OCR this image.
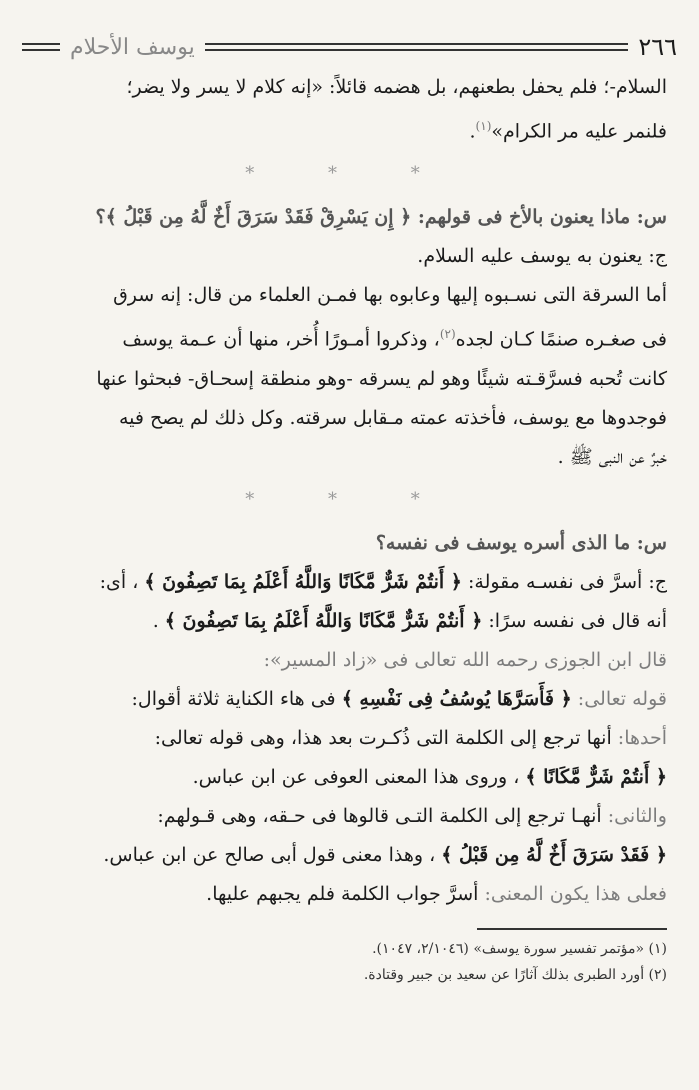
٢٦٦
يوسف الأحلام

السلام-؛ فلم يحفل بطعنهم، بل هضمه قائلاً: «إنه كلام لا يسر ولا يضر؛

فلنمر عليه مر الكرام»$^{(١)}$.

* * *

س: ماذا يعنون بالأخ فى قولهم: ﴿ إِن يَسْرِقْ فَقَدْ سَرَقَ أَخٌ لَّهُ مِن قَبْلُ ﴾؟

ج: يعنون به يوسف عليه السلام.

أما السرقة التى نسـبوه إليها وعابوه بها فمـن العلماء من قال: إنه سرق

فى صغـره صنمًا كـان لجده$^{(٢)}$، وذكروا أمـورًا أُخر، منها أن عـمة يوسف

كانت تُحبه فسرَّقـته شيئًا وهو لم يسرقه -وهو منطقة إسحـاق- فبحثوا عنها

فوجدوها مع يوسف، فأخذته عمته مـقابل سرقته. وكل ذلك لم يصح فيه

خبرٌ عن النبى ﷺ .

* * *

س: ما الذى أسره يوسف فى نفسه؟

ج: أسرَّ فى نفسـه مقولة: ﴿ أَنتُمْ شَرٌّ مَّكَانًا وَاللَّهُ أَعْلَمُ بِمَا تَصِفُونَ ﴾ ، أى:

أنه قال فى نفسه سرًا: ﴿ أَنتُمْ شَرٌّ مَّكَانًا وَاللَّهُ أَعْلَمُ بِمَا تَصِفُونَ ﴾ .

قال ابن الجوزى رحمه الله تعالى فى «زاد المسير»:

قوله تعالى: ﴿ فَأَسَرَّهَا يُوسُفُ فِى نَفْسِهِ ﴾ فى هاء الكناية ثلاثة أقوال:

أحدها: أنها ترجع إلى الكلمة التى ذُكـرت بعد هذا، وهى قوله تعالى:

﴿ أَنتُمْ شَرٌّ مَّكَانًا ﴾ ، وروى هذا المعنى العوفى عن ابن عباس.

والثانى: أنهـا ترجع إلى الكلمة التـى قالوها فى حـقه، وهى قـولهم:

﴿ فَقَدْ سَرَقَ أَخٌ لَّهُ مِن قَبْلُ ﴾ ، وهذا معنى قول أبى صالح عن ابن عباس.

فعلى هذا يكون المعنى: أسرَّ جواب الكلمة فلم يجبهم عليها.

(١) «مؤتمر تفسير سورة يوسف» (٢/١٠٤٦، ١٠٤٧).

(٢) أورد الطبرى بذلك آثارًا عن سعيد بن جبير وقتادة.
